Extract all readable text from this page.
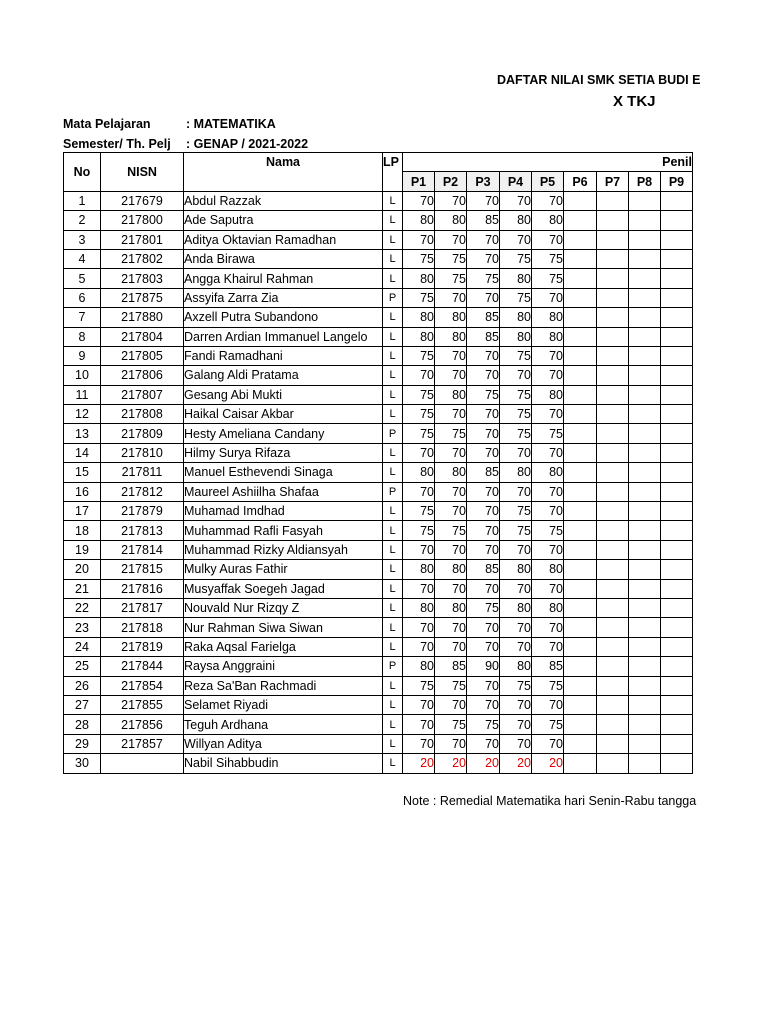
DAFTAR NILAI SMK SETIA BUDI E
X TKJ
Mata Pelajaran	: MATEMATIKA
Semester/ Th. Pelj : GENAP / 2021-2022
No	NISN	Nama	LP	Penil								
				P1	P2	P3	P4	P5	P6	P7	P8	P9
1	217679	Abdul Razzak	L	70	70	70	70	70				
2	217800	Ade Saputra	L	80	80	85	80	80				
3	217801	Aditya Oktavian Ramadhan	L	70	70	70	70	70				
4	217802	Anda Birawa	L	75	75	70	75	75				
5	217803	Angga Khairul Rahman	L	80	75	75	80	75				
6	217875	Assyifa Zarra Zia	P	75	70	70	75	70				
7	217880	Axzell Putra Subandono	L	80	80	85	80	80				
8	217804	Darren Ardian Immanuel Langelo	L	80	80	85	80	80				
9	217805	Fandi Ramadhani	L	75	70	70	75	70				
10	217806	Galang Aldi Pratama	L	70	70	70	70	70				
11	217807	Gesang Abi Mukti	L	75	80	75	75	80				
12	217808	Haikal Caisar Akbar	L	75	70	70	75	70				
13	217809	Hesty Ameliana Candany	P	75	75	70	75	75				
14	217810	Hilmy Surya Rifaza	L	70	70	70	70	70				
15	217811	Manuel Esthevendi Sinaga	L	80	80	85	80	80				
16	217812	Maureel Ashiilha Shafaa	P	70	70	70	70	70				
17	217879	Muhamad Imdhad	L	75	70	70	75	70				
18	217813	Muhammad Rafli Fasyah	L	75	75	70	75	75				
19	217814	Muhammad Rizky Aldiansyah	L	70	70	70	70	70				
20	217815	Mulky Auras Fathir	L	80	80	85	80	80				
21	217816	Musyaffak Soegeh Jagad	L	70	70	70	70	70				
22	217817	Nouvald Nur Rizqy Z	L	80	80	75	80	80				
23	217818	Nur Rahman Siwa Siwan	L	70	70	70	70	70				
24	217819	Raka Aqsal Farielga	L	70	70	70	70	70				
25	217844	Raysa Anggraini	P	80	85	90	80	85				
26	217854	Reza Sa'Ban Rachmadi	L	75	75	70	75	75				
27	217855	Selamet Riyadi	L	70	70	70	70	70				
28	217856	Teguh Ardhana	L	70	75	75	70	75				
29	217857	Willyan Aditya	L	70	70	70	70	70				
30		Nabil Sihabbudin	L	20	20	20	20	20				
Note : Remedial Matematika hari Senin-Rabu tangga
